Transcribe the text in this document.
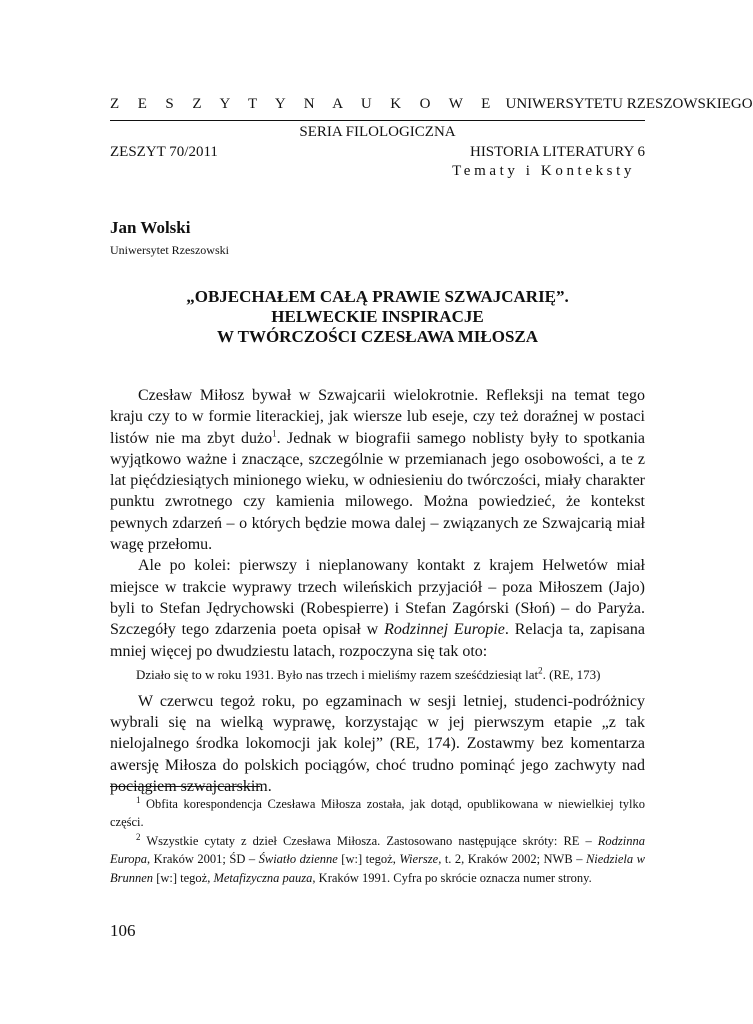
Z E S Z Y T Y N A U K O W E UNIWERSYTETU RZESZOWSKIEGO
SERIA FILOLOGICZNA
ZESZYT 70/2011	HISTORIA LITERATURY 6
Tematy i Konteksty
Jan Wolski
Uniwersytet Rzeszowski
„OBJECHAŁEM CAŁĄ PRAWIE SZWAJCARIĘ”.
HELWECKIE INSPIRACJE
W TWÓRCZOŚCI CZESŁAWA MIŁOSZA

Czesław Miłosz bywał w Szwajcarii wielokrotnie. Refleksji na temat tego kraju czy to w formie literackiej, jak wiersze lub eseje, czy też doraźnej w postaci listów nie ma zbyt dużo$^1$. Jednak w biografii samego noblisty były to spotkania wyjątkowo ważne i znaczące, szczególnie w przemianach jego osobowości, a te z lat pięćdziesiątych minionego wieku, w odniesieniu do twórczości, miały charakter punktu zwrotnego czy kamienia milowego. Można powiedzieć, że kontekst pewnych zdarzeń – o których będzie mowa dalej – związanych ze Szwajcarią miał wagę przełomu.

Ale po kolei: pierwszy i nieplanowany kontakt z krajem Helwetów miał miejsce w trakcie wyprawy trzech wileńskich przyjaciół – poza Miłoszem (Jajo) byli to Stefan Jędrychowski (Robespierre) i Stefan Zagórski (Słoń) – do Paryża. Szczegóły tego zdarzenia poeta opisał w Rodzinnej Europie. Relacja ta, zapisana mniej więcej po dwudziestu latach, rozpoczyna się tak oto:

Działo się to w roku 1931. Było nas trzech i mieliśmy razem sześćdziesiąt lat$^2$. (RE, 173)

W czerwcu tegoż roku, po egzaminach w sesji letniej, studenci-podróżnicy wybrali się na wielką wyprawę, korzystając w jej pierwszym etapie „z tak nielojalnego środka lokomocji jak kolej” (RE, 174). Zostawmy bez komentarza awersję Miłosza do polskich pociągów, choć trudno pominąć jego zachwyty nad pociągiem szwajcarskim.

$^1$ Obfita korespondencja Czesława Miłosza została, jak dotąd, opublikowana w niewielkiej tylko części.

$^2$ Wszystkie cytaty z dzieł Czesława Miłosza. Zastosowano następujące skróty: RE – Rodzinna Europa, Kraków 2001; ŚD – Światło dzienne [w:] tegoż, Wiersze, t. 2, Kraków 2002; NWB – Niedziela w Brunnen [w:] tegoż, Metafizyczna pauza, Kraków 1991. Cyfra po skrócie oznacza numer strony.

106
